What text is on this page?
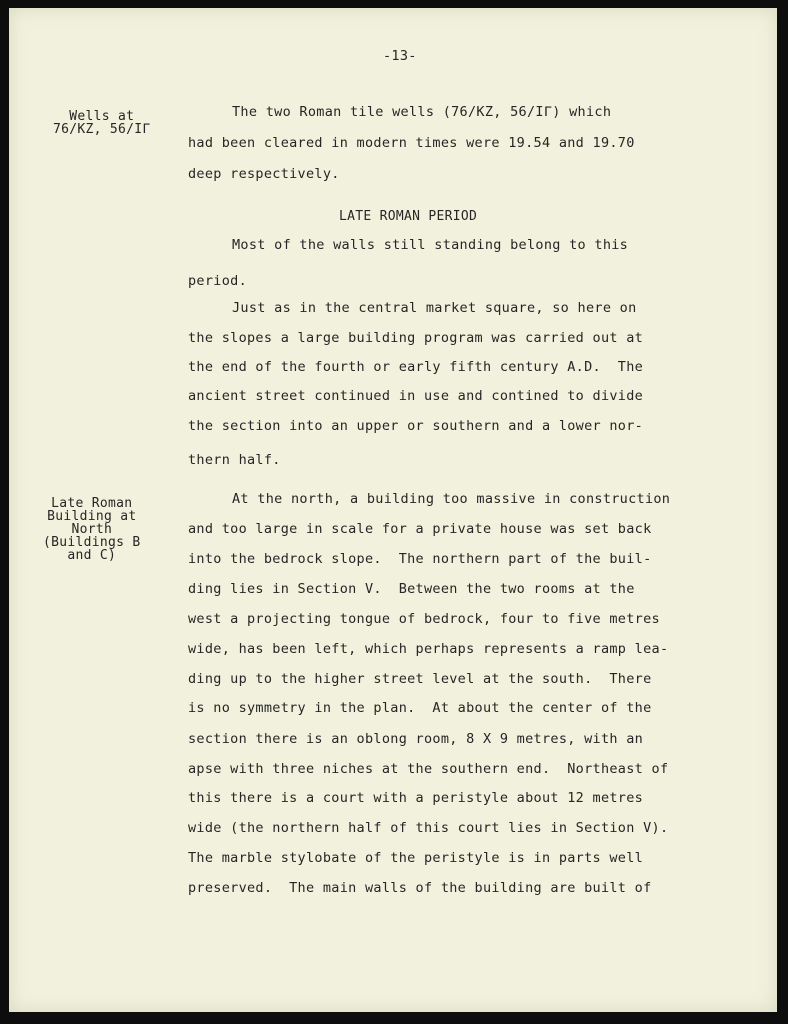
-13-
Wells at
76/KZ, 56/IΓ
The two Roman tile wells (76/KZ, 56/IΓ) which
had been cleared in modern times were 19.54 and 19.70
deep respectively.
LATE ROMAN PERIOD
Most of the walls still standing belong to this
period.
Just as in the central market square, so here on
the slopes a large building program was carried out at
the end of the fourth or early fifth century A.D.  The
ancient street continued in use and contined to divide
the section into an upper or southern and a lower nor-
thern half.
Late Roman
Building at
North
(Buildings B
and C)
At the north, a building too massive in construction
and too large in scale for a private house was set back
into the bedrock slope.  The northern part of the buil-
ding lies in Section V.  Between the two rooms at the
west a projecting tongue of bedrock, four to five metres
wide, has been left, which perhaps represents a ramp lea-
ding up to the higher street level at the south.  There
is no symmetry in the plan.  At about the center of the
section there is an oblong room, 8 X 9 metres, with an
apse with three niches at the southern end.  Northeast of
this there is a court with a peristyle about 12 metres
wide (the northern half of this court lies in Section V).
The marble stylobate of the peristyle is in parts well
preserved.  The main walls of the building are built of
